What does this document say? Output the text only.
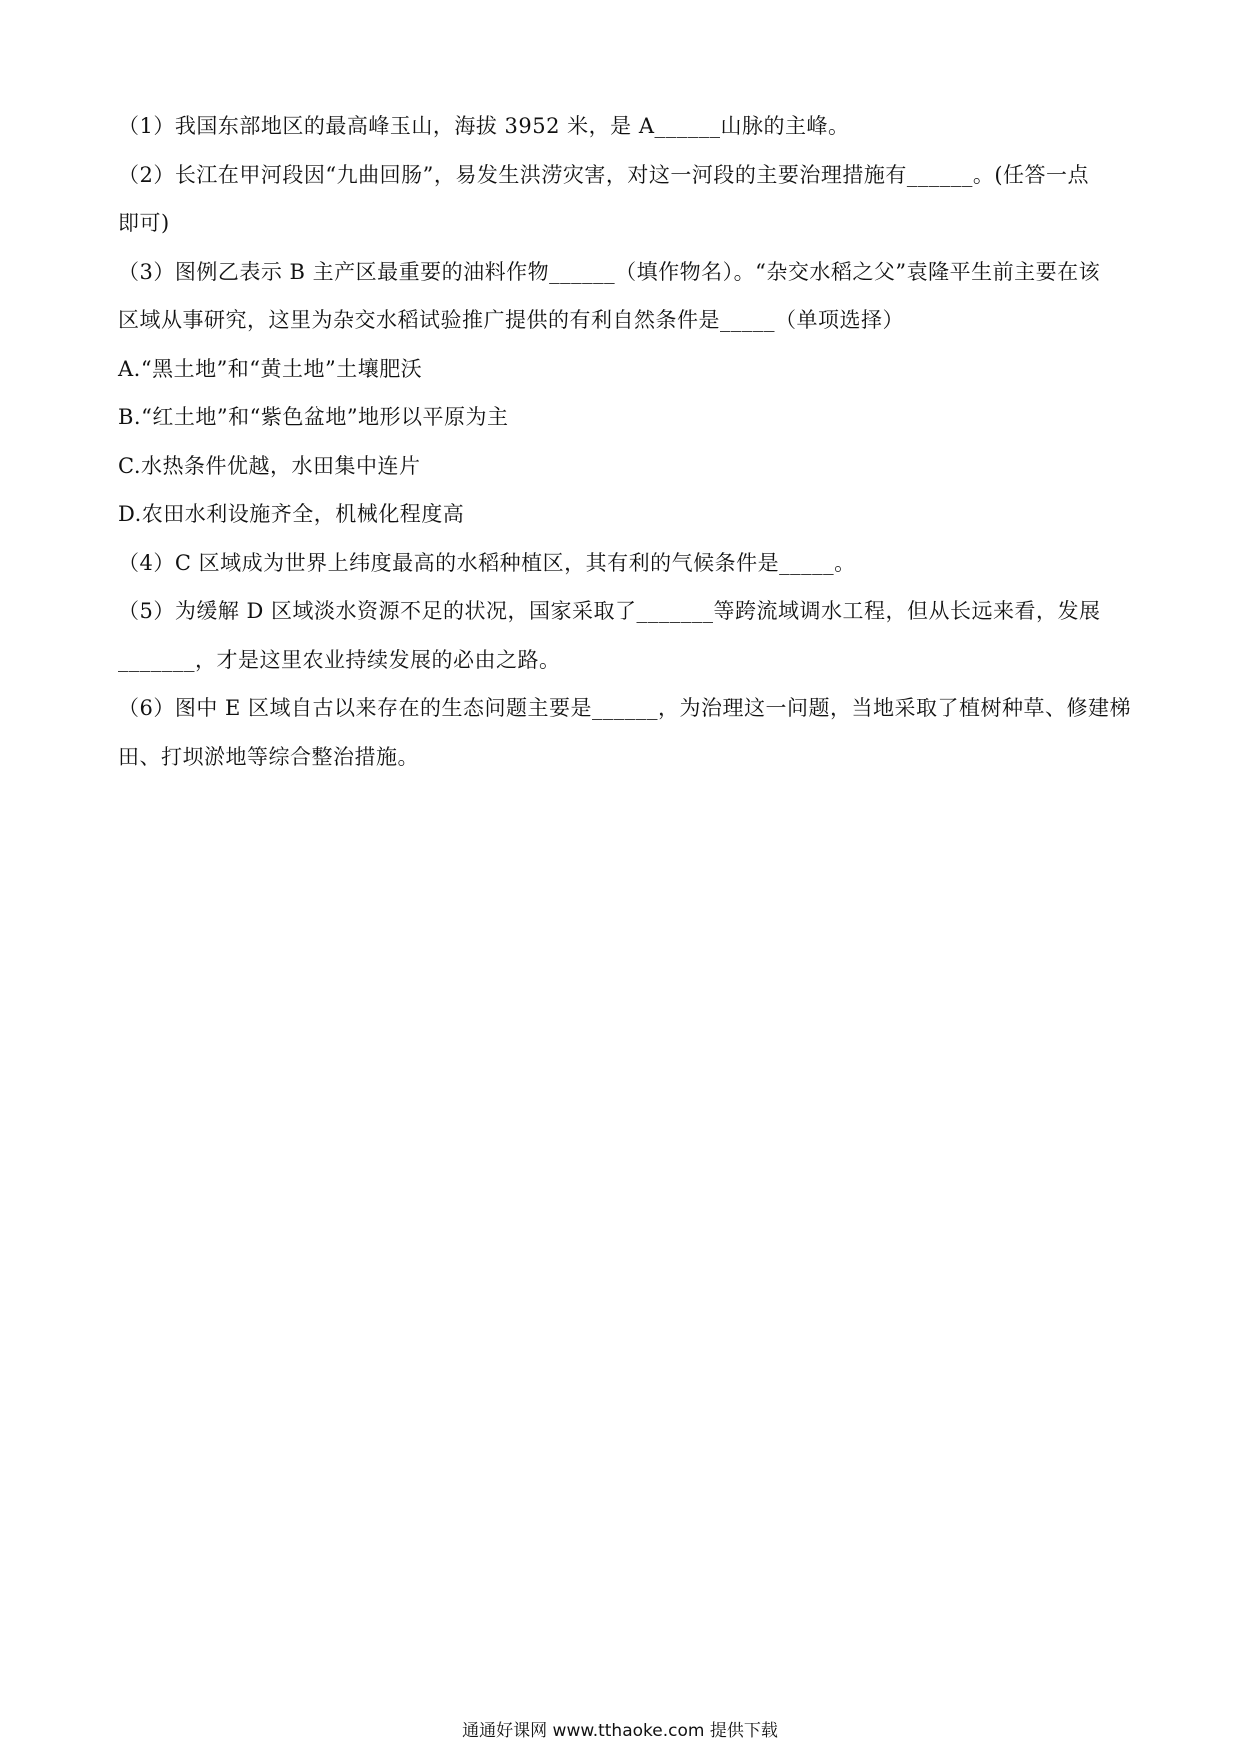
（1）我国东部地区的最高峰玉山，海拔 3952 米，是 A______山脉的主峰。
（2）长江在甲河段因“九曲回肠”，易发生洪涝灾害，对这一河段的主要治理措施有______。(任答一点
即可)
（3）图例乙表示 B 主产区最重要的油料作物______（填作物名）。“杂交水稻之父”袁隆平生前主要在该
区域从事研究，这里为杂交水稻试验推广提供的有利自然条件是_____（单项选择）
A.“黑土地”和“黄土地”土壤肥沃
B.“红土地”和“紫色盆地”地形以平原为主
C.水热条件优越，水田集中连片
D.农田水利设施齐全，机械化程度高
（4）C 区域成为世界上纬度最高的水稻种植区，其有利的气候条件是_____。
（5）为缓解 D 区域淡水资源不足的状况，国家采取了_______等跨流域调水工程，但从长远来看，发展
_______，才是这里农业持续发展的必由之路。
（6）图中 E 区域自古以来存在的生态问题主要是______，为治理这一问题，当地采取了植树种草、修建梯
田、打坝淤地等综合整治措施。
通通好课网 www.tthaoke.com 提供下载
